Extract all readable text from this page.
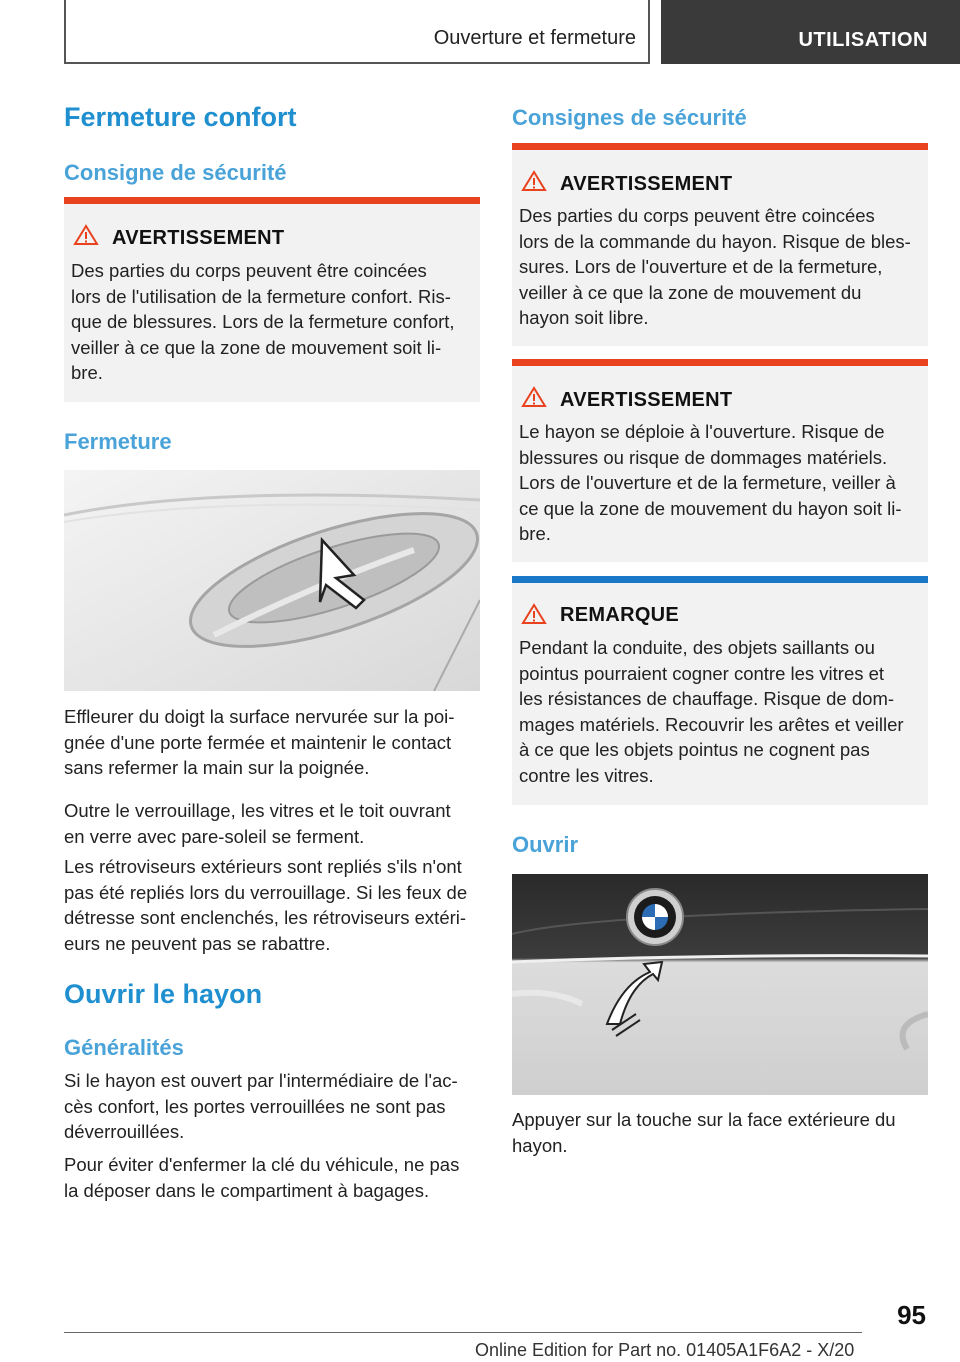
Ouverture et fermeture	UTILISATION
Fermeture confort
Consigne de sécurité
AVERTISSEMENT
Des parties du corps peuvent être coincées
lors de l'utilisation de la fermeture confort. Ris‐
que de blessures. Lors de la fermeture confort,
veiller à ce que la zone de mouvement soit li‐
bre.
Fermeture
Effleurer du doigt la surface nervurée sur la poi‐
gnée d'une porte fermée et maintenir le contact
sans refermer la main sur la poignée.
Outre le verrouillage, les vitres et le toit ouvrant
en verre avec pare-soleil se ferment.
Les rétroviseurs extérieurs sont repliés s'ils n'ont
pas été repliés lors du verrouillage. Si les feux de
détresse sont enclenchés, les rétroviseurs extéri‐
eurs ne peuvent pas se rabattre.
Ouvrir le hayon
Généralités
Si le hayon est ouvert par l'intermédiaire de l'ac‐
cès confort, les portes verrouillées ne sont pas
déverrouillées.
Pour éviter d'enfermer la clé du véhicule, ne pas
la déposer dans le compartiment à bagages.
Consignes de sécurité
AVERTISSEMENT
Des parties du corps peuvent être coincées
lors de la commande du hayon. Risque de bles‐
sures. Lors de l'ouverture et de la fermeture,
veiller à ce que la zone de mouvement du
hayon soit libre.
AVERTISSEMENT
Le hayon se déploie à l'ouverture. Risque de
blessures ou risque de dommages matériels.
Lors de l'ouverture et de la fermeture, veiller à
ce que la zone de mouvement du hayon soit li‐
bre.
REMARQUE
Pendant la conduite, des objets saillants ou
pointus pourraient cogner contre les vitres et
les résistances de chauffage. Risque de dom‐
mages matériels. Recouvrir les arêtes et veiller
à ce que les objets pointus ne cognent pas
contre les vitres.
Ouvrir
Appuyer sur la touche sur la face extérieure du
hayon.
95
Online Edition for Part no. 01405A1F6A2 - X/20
